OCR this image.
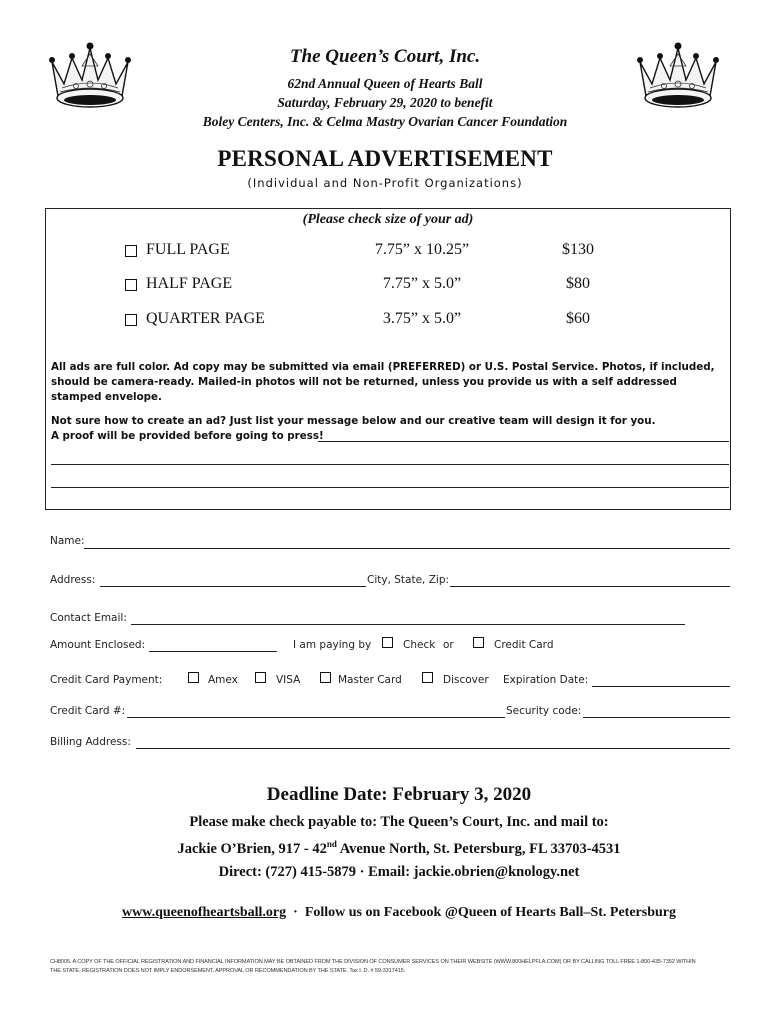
The Queen’s Court, Inc.
62nd Annual Queen of Hearts Ball
Saturday, February 29, 2020 to benefit
Boley Centers, Inc. & Celma Mastry Ovarian Cancer Foundation
PERSONAL ADVERTISEMENT
(Individual and Non-Profit Organizations)
(Please check size of your ad)
FULL PAGE	7.75” x 10.25”	$130
HALF PAGE	7.75” x 5.0”	$80
QUARTER PAGE	3.75” x 5.0”	$60
All ads are full color. Ad copy may be submitted via email (PREFERRED) or U.S. Postal Service. Photos, if included, should be camera-ready. Mailed-in photos will not be returned, unless you provide us with a self addressed stamped envelope.
Not sure how to create an ad? Just list your message below and our creative team will design it for you.
A proof will be provided before going to press!
Name:
Address:	City, State, Zip:
Contact Email:
Amount Enclosed:	I am paying by	Check or	Credit Card
Credit Card Payment:	Amex	VISA	Master Card	Discover Expiration Date:
Credit Card #:	Security code:
Billing Address:
Deadline Date: February 3, 2020
Please make check payable to: The Queen’s Court, Inc. and mail to:
Jackie O’Brien, 917 - 42nd Avenue North, St. Petersburg, FL 33703-4531
Direct: (727) 415-5879 · Email: jackie.obrien@knology.net
www.queenofheartsball.org  ·  Follow us on Facebook @Queen of Hearts Ball–St. Petersburg
CH8005. A COPY OF THE OFFICIAL REGISTRATION AND FINANCIAL INFORMATION MAY BE OBTAINED FROM THE DIVISION OF CONSUMER SERVICES ON THEIR WEBSITE (WWW.800HELPFLA.COM) OR BY CALLING TOLL FREE 1-800-435-7352 WITHIN THE STATE. REGISTRATION DOES NOT IMPLY ENDORSEMENT, APPROVAL OR RECOMMENDATION BY THE STATE. Tax I. D. # 59-3317415.
